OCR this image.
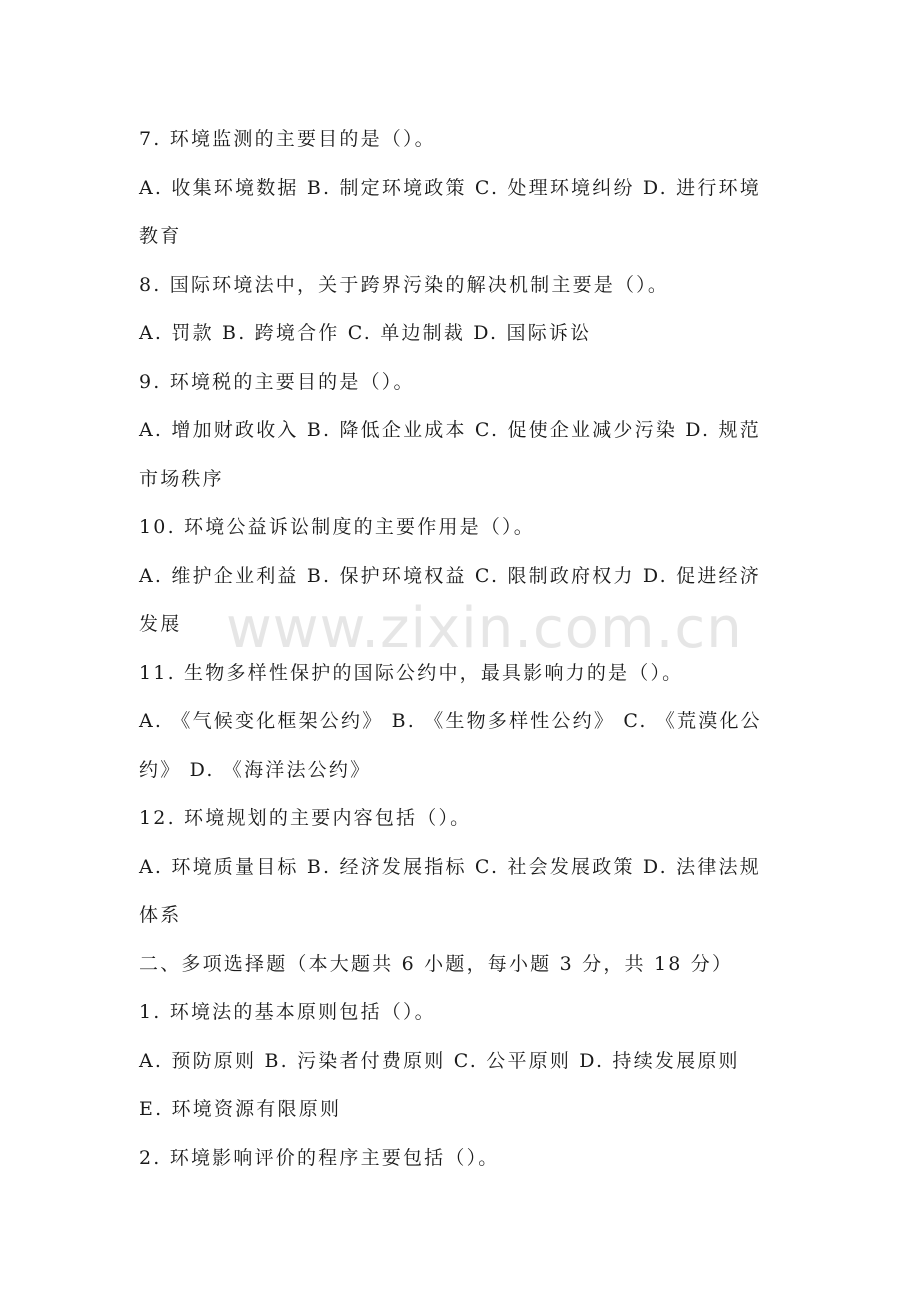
7. 环境监测的主要目的是（）。
A. 收集环境数据 B. 制定环境政策 C. 处理环境纠纷 D. 进行环境
教育
8. 国际环境法中，关于跨界污染的解决机制主要是（）。
A. 罚款 B. 跨境合作 C. 单边制裁 D. 国际诉讼
9. 环境税的主要目的是（）。
A. 增加财政收入 B. 降低企业成本 C. 促使企业减少污染 D. 规范
市场秩序
10. 环境公益诉讼制度的主要作用是（）。
A. 维护企业利益 B. 保护环境权益 C. 限制政府权力 D. 促进经济
发展
11. 生物多样性保护的国际公约中，最具影响力的是（）。
A. 《气候变化框架公约》 B. 《生物多样性公约》 C. 《荒漠化公
约》 D. 《海洋法公约》
12. 环境规划的主要内容包括（）。
A. 环境质量目标 B. 经济发展指标 C. 社会发展政策 D. 法律法规
体系
二、多项选择题（本大题共 6 小题，每小题 3 分，共 18 分）
1. 环境法的基本原则包括（）。
A. 预防原则 B. 污染者付费原则 C. 公平原则 D. 持续发展原则
E. 环境资源有限原则
2. 环境影响评价的程序主要包括（）。
www.zixin.com.cn
